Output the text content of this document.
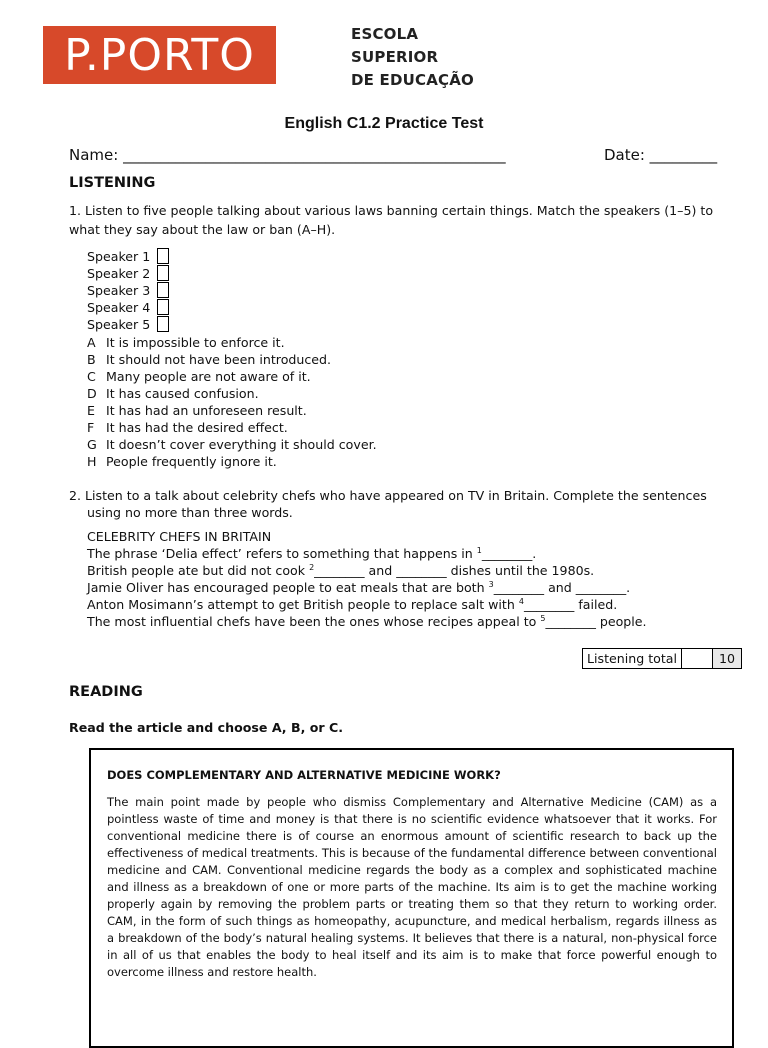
P.PORTO	ESCOLA
SUPERIOR
DE EDUCAÇÃO
English C1.2 Practice Test
Name: ___________________________________________________	Date: _________
LISTENING
1. Listen to five people talking about various laws banning certain things. Match the speakers (1–5) to
what they say about the law or ban (A–H).
Speaker 1
Speaker 2
Speaker 3
Speaker 4
Speaker 5
A It is impossible to enforce it.
B It should not have been introduced.
C Many people are not aware of it.
D It has caused confusion.
E It has had an unforeseen result.
F It has had the desired effect.
G It doesn’t cover everything it should cover.
H People frequently ignore it.
2. Listen to a talk about celebrity chefs who have appeared on TV in Britain. Complete the sentences
using no more than three words.
CELEBRITY CHEFS IN BRITAIN
The phrase ‘Delia effect’ refers to something that happens in $^1$________.
British people ate but did not cook $^2$________ and ________ dishes until the 1980s.
Jamie Oliver has encouraged people to eat meals that are both $^3$________ and ________.
Anton Mosimann’s attempt to get British people to replace salt with $^4$________ failed.
The most influential chefs have been the ones whose recipes appeal to $^5$________ people.
Listening total	10
READING
Read the article and choose A, B, or C.
DOES COMPLEMENTARY AND ALTERNATIVE MEDICINE WORK?
The main point made by people who dismiss Complementary and Alternative Medicine (CAM) as a pointless waste of time and money is that there is no scientific evidence whatsoever that it works. For conventional medicine there is of course an enormous amount of scientific research to back up the effectiveness of medical treatments. This is because of the fundamental difference between conventional medicine and CAM. Conventional medicine regards the body as a complex and sophisticated machine and illness as a breakdown of one or more parts of the machine. Its aim is to get the machine working properly again by removing the problem parts or treating them so that they return to working order. CAM, in the form of such things as homeopathy, acupuncture, and medical herbalism, regards illness as a breakdown of the body’s natural healing systems. It believes that there is a natural, non-physical force in all of us that enables the body to heal itself and its aim is to make that force powerful enough to overcome illness and restore health.
